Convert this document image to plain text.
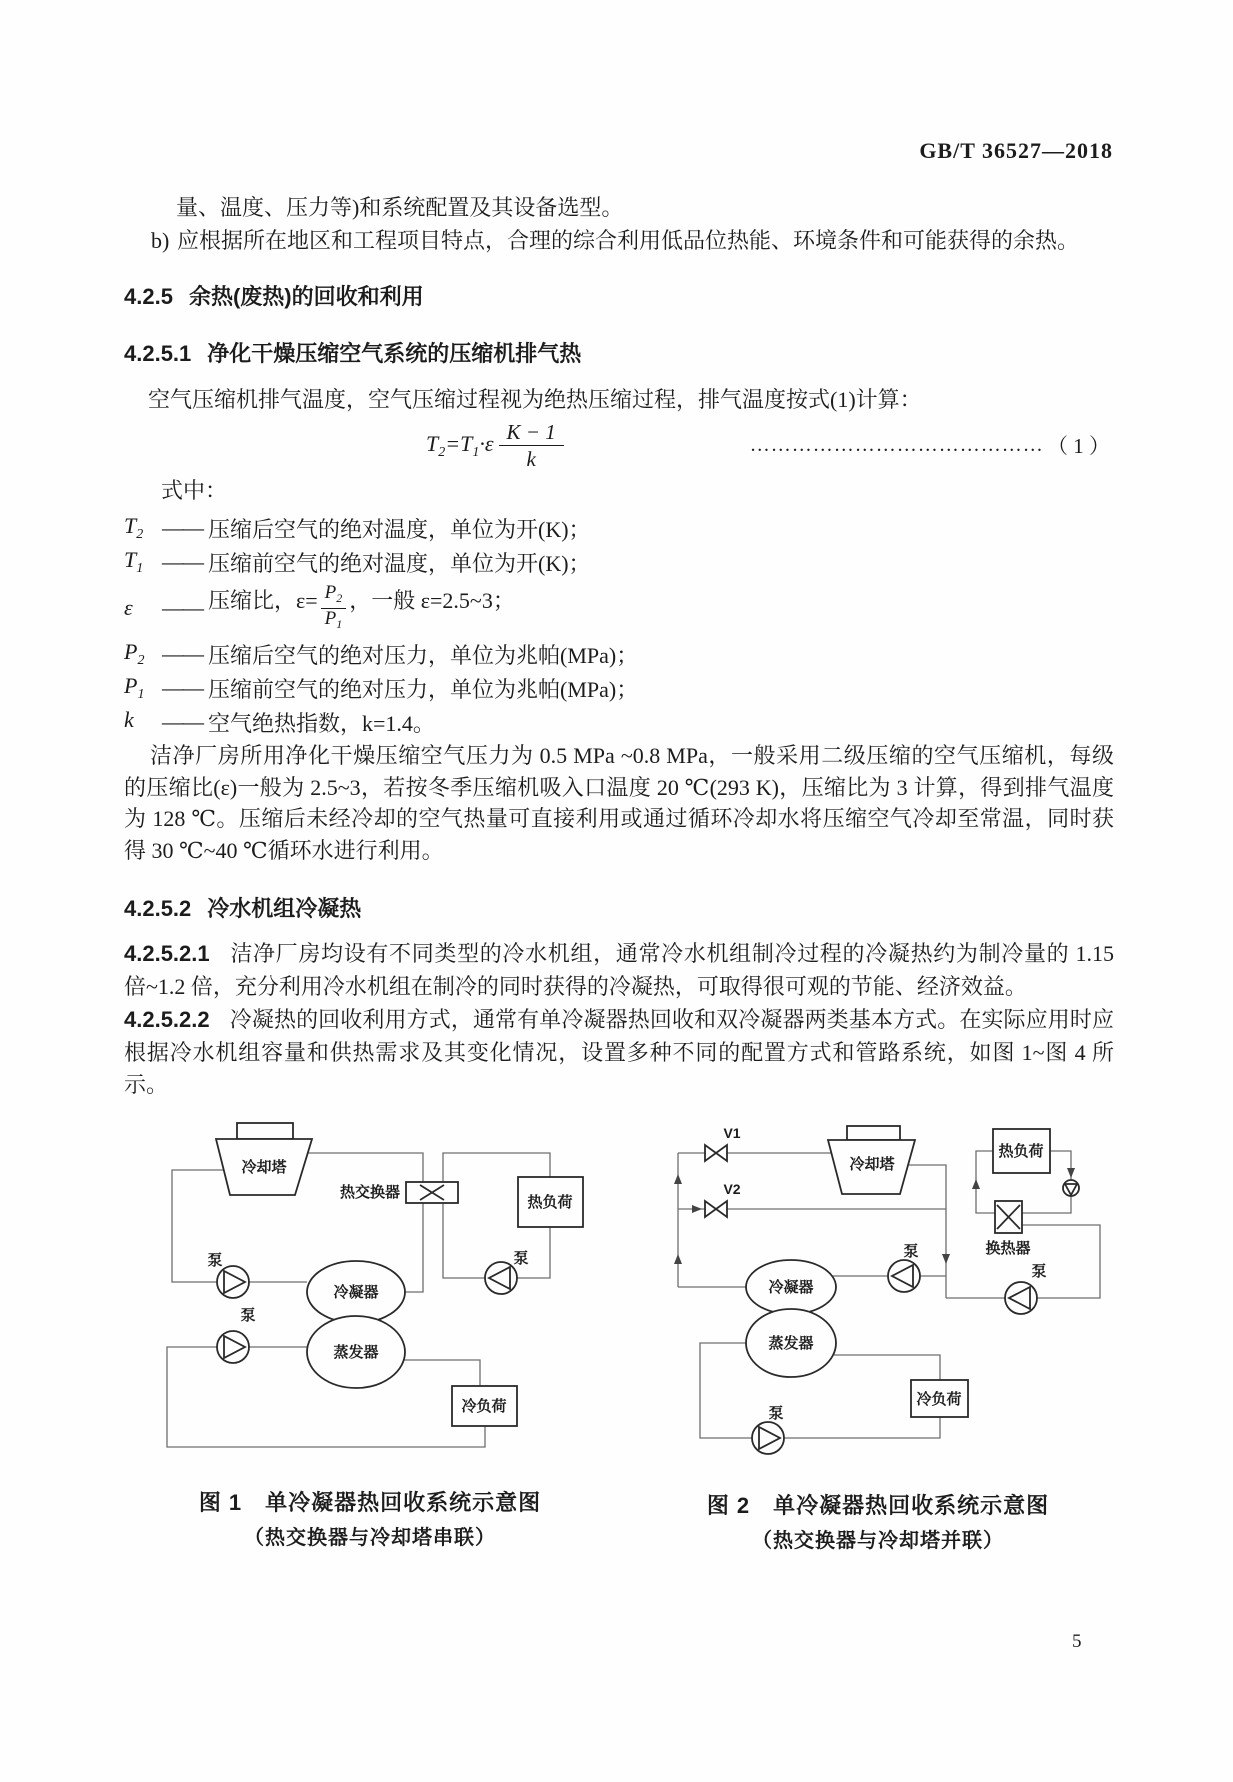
GB/T 36527—2018
量、温度、压力等)和系统配置及其设备选型。
b) 应根据所在地区和工程项目特点，合理的综合利用低品位热能、环境条件和可能获得的余热。
4.2.5 余热(废热)的回收和利用
4.2.5.1 净化干燥压缩空气系统的压缩机排气热
空气压缩机排气温度，空气压缩过程视为绝热压缩过程，排气温度按式(1)计算：
$T_2=T_1\cdot\varepsilon \frac{K - 1}{k}$	…………………………………… （ 1 ）
式中：
$T_2$ —— 压缩后空气的绝对温度，单位为开(K)；
$T_1$ —— 压缩前空气的绝对温度，单位为开(K)；
ε	—— 压缩比，$\varepsilon= \frac{P_2}{P_1}$ ，一般 ε=2.5~3；
$P_2$ —— 压缩后空气的绝对压力，单位为兆帕(MPa)；
$P_1$ —— 压缩前空气的绝对压力，单位为兆帕(MPa)；
k	—— 空气绝热指数，k=1.4。
洁净厂房所用净化干燥压缩空气压力为 0.5 MPa ~0.8 MPa，一般采用二级压缩的空气压缩机，每级的压缩比(ε)一般为 2.5~3，若按冬季压缩机吸入口温度 20 ℃(293 K)，压缩比为 3 计算，得到排气温度为 128 ℃。压缩后未经冷却的空气热量可直接利用或通过循环冷却水将压缩空气冷却至常温，同时获得 30 ℃~40 ℃循环水进行利用。
4.2.5.2 冷水机组冷凝热
4.2.5.2.1 洁净厂房均设有不同类型的冷水机组，通常冷水机组制冷过程的冷凝热约为制冷量的 1.15 倍~1.2 倍，充分利用冷水机组在制冷的同时获得的冷凝热，可取得很可观的节能、经济效益。
4.2.5.2.2 冷凝热的回收利用方式，通常有单冷凝器热回收和双冷凝器两类基本方式。在实际应用时应根据冷水机组容量和供热需求及其变化情况，设置多种不同的配置方式和管路系统，如图 1~图 4 所示。
冷却塔
热交换器
热负荷
泵
泵
泵
冷凝器
蒸发器
冷负荷
V1
V2
冷却塔
热负荷
换热器
泵
泵
泵
冷凝器
蒸发器
冷负荷
图 1　单冷凝器热回收系统示意图
（热交换器与冷却塔串联）
图 2　单冷凝器热回收系统示意图
（热交换器与冷却塔并联）
5
